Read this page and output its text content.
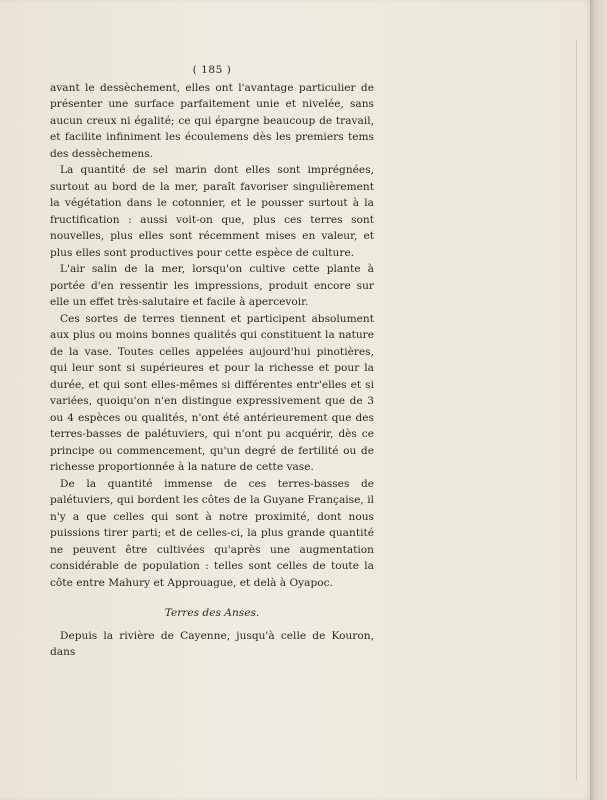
( 185 )

avant le dessèchement, elles ont l'avantage particulier de présenter une surface parfaitement unie et nivelée, sans aucun creux ni égalité; ce qui épargne beaucoup de travail, et facilite infiniment les écoulemens dès les premiers tems des dessèchemens.

La quantité de sel marin dont elles sont imprégnées, surtout au bord de la mer, paraît favoriser singulièrement la végétation dans le cotonnier, et le pousser surtout à la fructification : aussi voit-on que, plus ces terres sont nouvelles, plus elles sont récemment mises en valeur, et plus elles sont productives pour cette espèce de culture.

L'air salin de la mer, lorsqu'on cultive cette plante à portée d'en ressentir les impressions, produit encore sur elle un effet très-salutaire et facile à apercevoir.

Ces sortes de terres tiennent et participent absolument aux plus ou moins bonnes qualités qui constituent la nature de la vase. Toutes celles appelées aujourd'hui pinotières, qui leur sont si supérieures et pour la richesse et pour la durée, et qui sont elles-mêmes si différentes entr'elles et si variées, quoiqu'on n'en distingue expressivement que de 3 ou 4 espèces ou qualités, n'ont été antérieurement que des terres-basses de palétuviers, qui n'ont pu acquérir, dès ce principe ou commencement, qu'un degré de fertilité ou de richesse proportionnée à la nature de cette vase.

De la quantité immense de ces terres-basses de palétuviers, qui bordent les côtes de la Guyane Française, il n'y a que celles qui sont à notre proximité, dont nous puissions tirer parti; et de celles-ci, la plus grande quantité ne peuvent être cultivées qu'après une augmentation considérable de population : telles sont celles de toute la côte entre Mahury et Approuague, et delà à Oyapoc.

Terres des Anses.

Depuis la rivière de Cayenne, jusqu'à celle de Kouron, dans
